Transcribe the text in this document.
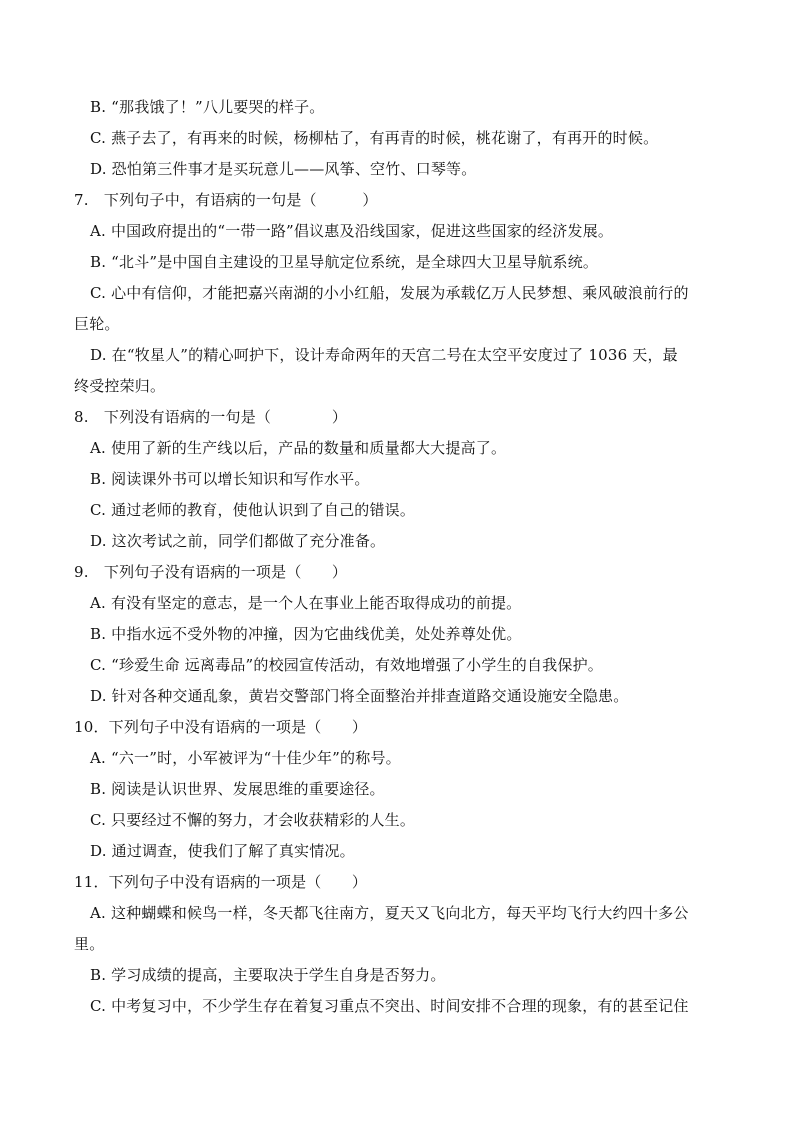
B. “那我饿了！”八儿要哭的样子。
C. 燕子去了，有再来的时候，杨柳枯了，有再青的时候，桃花谢了，有再开的时候。
D. 恐怕第三件事才是买玩意儿——风筝、空竹、口琴等。
7.　下列句子中，有语病的一句是（　　　）
A. 中国政府提出的“一带一路”倡议惠及沿线国家，促进这些国家的经济发展。
B. “北斗”是中国自主建设的卫星导航定位系统，是全球四大卫星导航系统。
C. 心中有信仰，才能把嘉兴南湖的小小红船，发展为承载亿万人民梦想、乘风破浪前行的
巨轮。
D. 在“牧星人”的精心呵护下，设计寿命两年的天宫二号在太空平安度过了 1036 天，最
终受控荣归。
8.　下列没有语病的一句是（　　　　）
A. 使用了新的生产线以后，产品的数量和质量都大大提高了。
B. 阅读课外书可以增长知识和写作水平。
C. 通过老师的教育，使他认识到了自己的错误。
D. 这次考试之前，同学们都做了充分准备。
9.　下列句子没有语病的一项是（　　）
A. 有没有坚定的意志，是一个人在事业上能否取得成功的前提。
B. 中指水远不受外物的冲撞，因为它曲线优美，处处养尊处优。
C. “珍爱生命 远离毒品”的校园宣传活动，有效地增强了小学生的自我保护。
D. 针对各种交通乱象，黄岩交警部门将全面整治并排查道路交通设施安全隐患。
10．下列句子中没有语病的一项是（　　）
A. “六一”时，小军被评为“十佳少年”的称号。
B. 阅读是认识世界、发展思维的重要途径。
C. 只要经过不懈的努力，才会收获精彩的人生。
D. 通过调查，使我们了解了真实情况。
11．下列句子中没有语病的一项是（　　）
A. 这种蝴蝶和候鸟一样，冬天都飞往南方，夏天又飞向北方，每天平均飞行大约四十多公
里。
B. 学习成绩的提高，主要取决于学生自身是否努力。
C. 中考复习中，不少学生存在着复习重点不突出、时间安排不合理的现象，有的甚至记住
